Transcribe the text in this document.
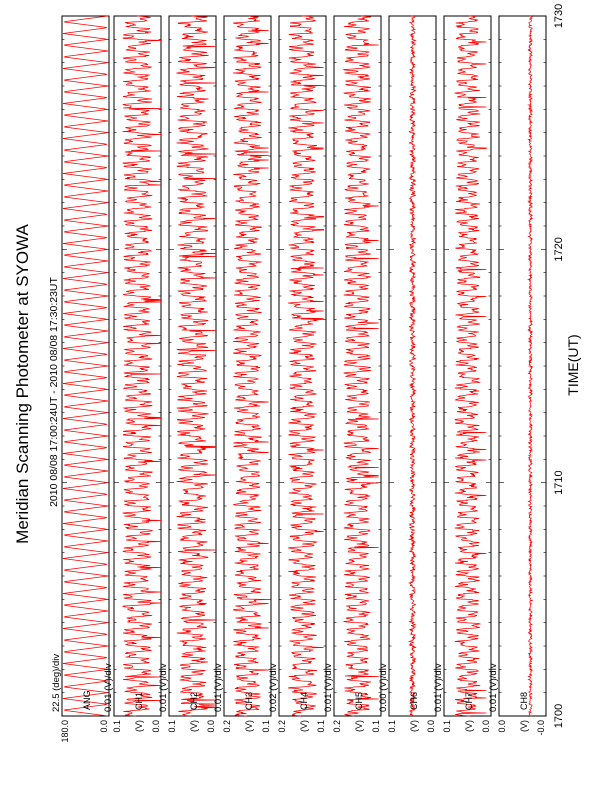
180.0	0.0
ANG
22.5 (deg)/div
0.1	0.0
CH1
(V)
0.01 (V)/div
0.1	0.0
CH2
(V)
0.01 (V)/div
0.2	0.1
CH3
(V)
0.01 (V)/div
0.2	0.1
CH4
(V)
0.02 (V)/div
0.2	0.1
CH5
(V)
0.01 (V)/div
0.1	0.0
CH6
(V)
0.00 (V)/div
0.1	0.0
CH7
(V)
0.01 (V)/div
0.0	-0.0
CH8
(V)
0.01 (V)/div
1700
1710
1720
1730
Meridian Scanning Photometer at SYOWA 2010 08/08 17:00:24UT - 2010 08/08 17:30:23UT	TIME(UT)
